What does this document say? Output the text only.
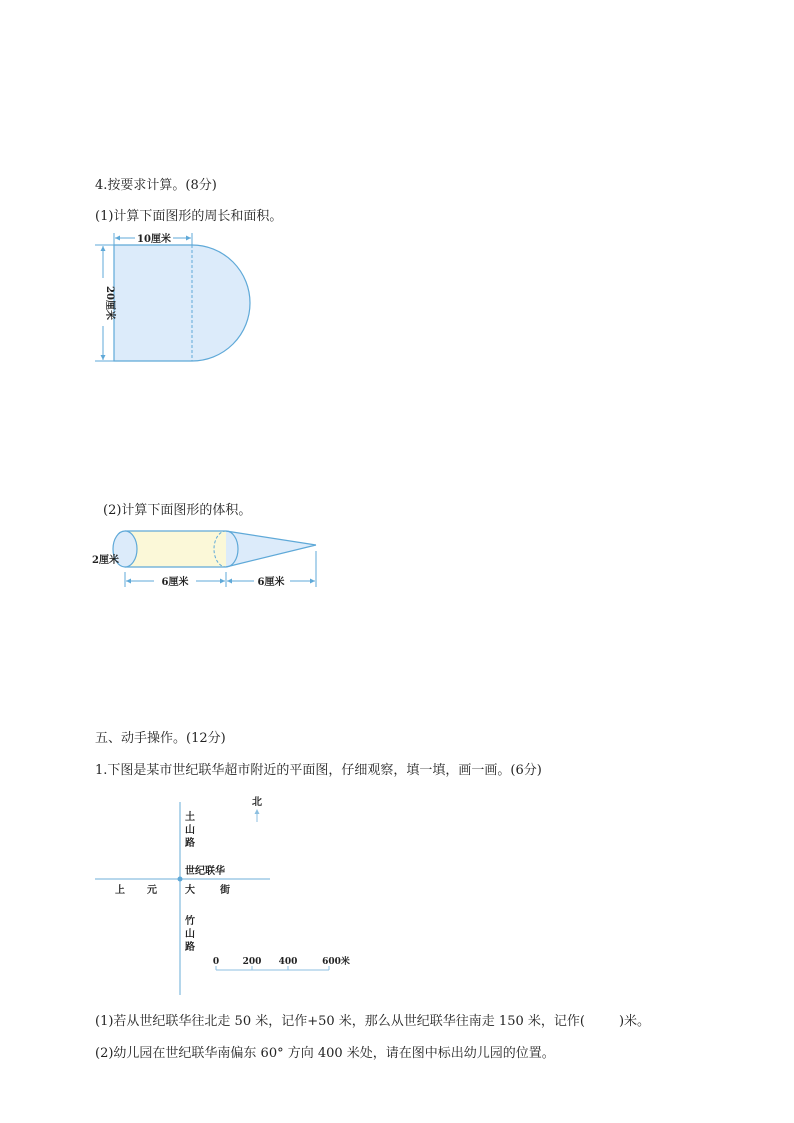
4.按要求计算。(8分)
(1)计算下面图形的周长和面积。
10厘米
20厘米
(2)计算下面图形的体积。
2厘米
6厘米	6厘米
五、动手操作。(12分)
1.下图是某市世纪联华超市附近的平面图，仔细观察，填一填，画一画。(6分)
北
土
山
路
世纪联华
上 元	大	街
竹
山
路
0	200 400	600米
(1)若从世纪联华往北走 50 米，记作+50 米，那么从世纪联华往南走 150 米，记作(	)米。
(2)幼儿园在世纪联华南偏东 60° 方向 400 米处，请在图中标出幼儿园的位置。
